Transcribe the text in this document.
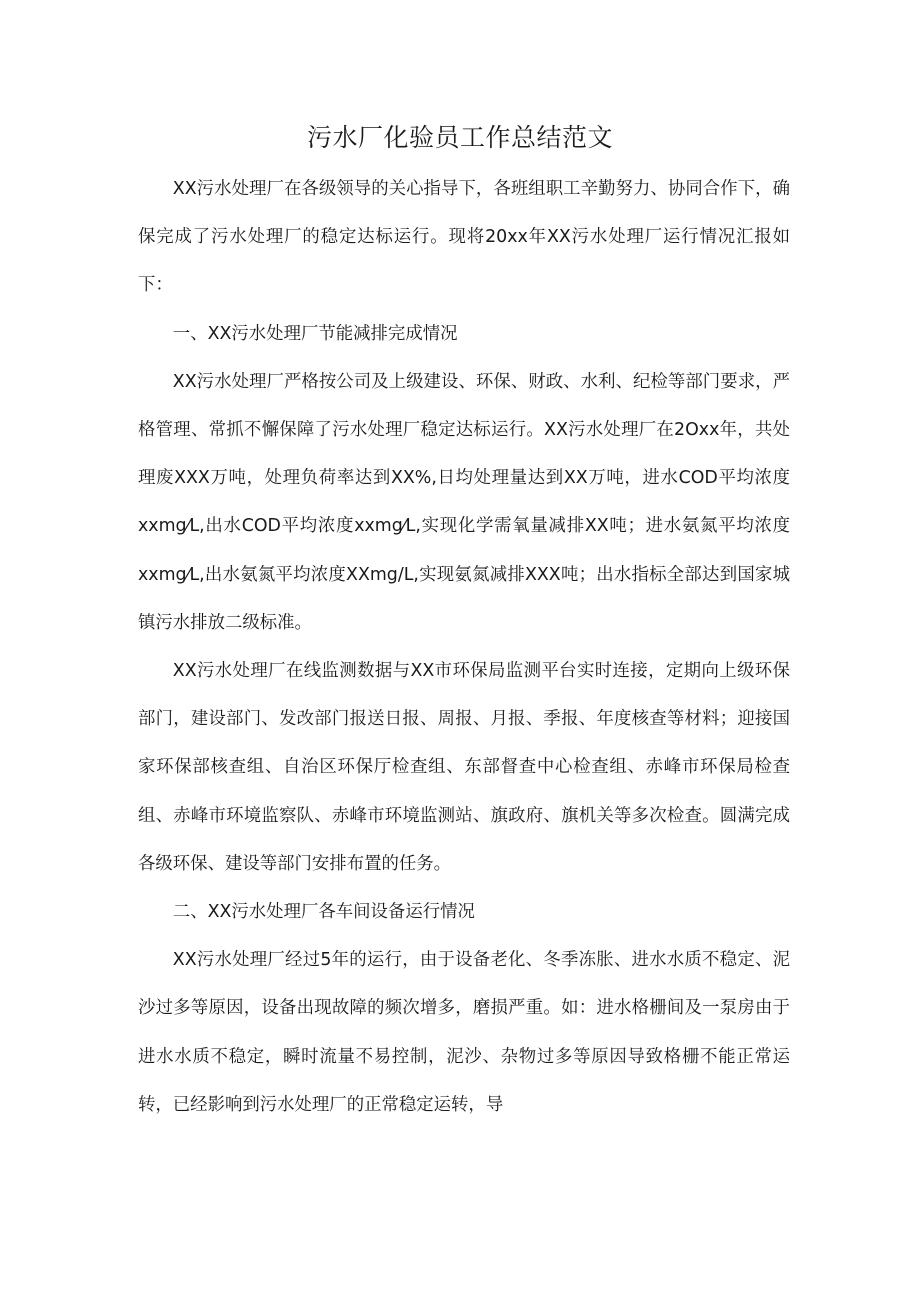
污水厂化验员工作总结范文

XX污水处理厂在各级领导的关心指导下，各班组职工辛勤努力、协同合作下，确保完成了污水处理厂的稳定达标运行。现将20xx年XX污水处理厂运行情况汇报如下：

一、XX污水处理厂节能减排完成情况

XX污水处理厂严格按公司及上级建设、环保、财政、水利、纪检等部门要求，严格管理、常抓不懈保障了污水处理厂稳定达标运行。XX污水处理厂在2Oxx年，共处理废XXX万吨，处理负荷率达到XX%,日均处理量达到XX万吨，进水COD平均浓度xxmg⁄L,出水COD平均浓度xxmg⁄L,实现化学需氧量减排XX吨；进水氨氮平均浓度xxmg⁄L,出水氨氮平均浓度XXmg/L,实现氨氮减排XXX吨；出水指标全部达到国家城镇污水排放二级标准。

XX污水处理厂在线监测数据与XX市环保局监测平台实时连接，定期向上级环保部门，建设部门、发改部门报送日报、周报、月报、季报、年度核查等材料；迎接国家环保部核查组、自治区环保厅检查组、东部督查中心检查组、赤峰市环保局检查组、赤峰市环境监察队、赤峰市环境监测站、旗政府、旗机关等多次检查。圆满完成各级环保、建设等部门安排布置的任务。

二、XX污水处理厂各车间设备运行情况

XX污水处理厂经过5年的运行，由于设备老化、冬季冻胀、进水水质不稳定、泥沙过多等原因，设备出现故障的频次增多，磨损严重。如：进水格栅间及一泵房由于进水水质不稳定，瞬时流量不易控制，泥沙、杂物过多等原因导致格栅不能正常运转，已经影响到污水处理厂的正常稳定运转，导
